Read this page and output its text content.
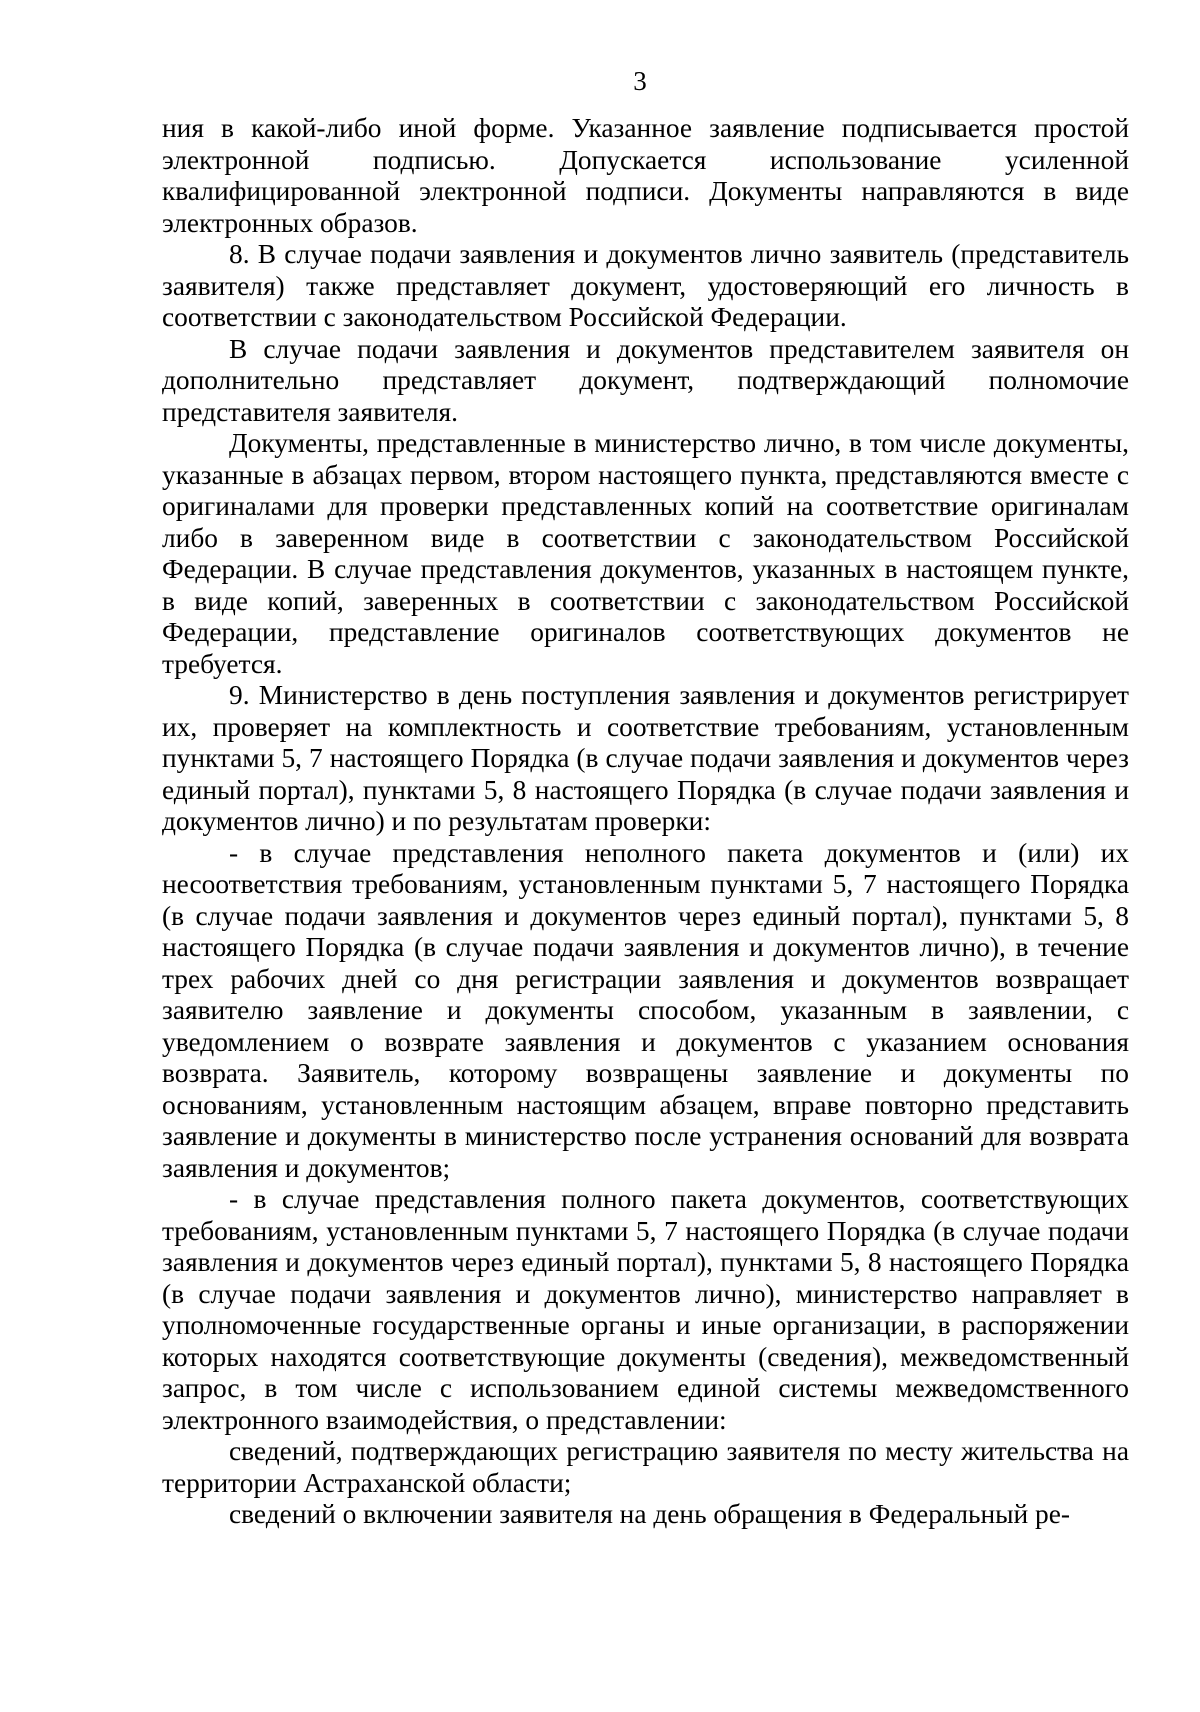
3

ния в какой-либо иной форме. Указанное заявление подписывается простой электронной подписью. Допускается использование усиленной квалифицированной электронной подписи. Документы направляются в виде электронных образов.

8. В случае подачи заявления и документов лично заявитель (представитель заявителя) также представляет документ, удостоверяющий его личность в соответствии с законодательством Российской Федерации.

В случае подачи заявления и документов представителем заявителя он дополнительно представляет документ, подтверждающий полномочие представителя заявителя.

Документы, представленные в министерство лично, в том числе документы, указанные в абзацах первом, втором настоящего пункта, представляются вместе с оригиналами для проверки представленных копий на соответствие оригиналам либо в заверенном виде в соответствии с законодательством Российской Федерации. В случае представления документов, указанных в настоящем пункте, в виде копий, заверенных в соответствии с законодательством Российской Федерации, представление оригиналов соответствующих документов не требуется.

9. Министерство в день поступления заявления и документов регистрирует их, проверяет на комплектность и соответствие требованиям, установленным пунктами 5, 7 настоящего Порядка (в случае подачи заявления и документов через единый портал), пунктами 5, 8 настоящего Порядка (в случае подачи заявления и документов лично) и по результатам проверки:

- в случае представления неполного пакета документов и (или) их несоответствия требованиям, установленным пунктами 5, 7 настоящего Порядка (в случае подачи заявления и документов через единый портал), пунктами 5, 8 настоящего Порядка (в случае подачи заявления и документов лично), в течение трех рабочих дней со дня регистрации заявления и документов возвращает заявителю заявление и документы способом, указанным в заявлении, с уведомлением о возврате заявления и документов с указанием основания возврата. Заявитель, которому возвращены заявление и документы по основаниям, установленным настоящим абзацем, вправе повторно представить заявление и документы в министерство после устранения оснований для возврата заявления и документов;

- в случае представления полного пакета документов, соответствующих требованиям, установленным пунктами 5, 7 настоящего Порядка (в случае подачи заявления и документов через единый портал), пунктами 5, 8 настоящего Порядка (в случае подачи заявления и документов лично), министерство направляет в уполномоченные государственные органы и иные организации, в распоряжении которых находятся соответствующие документы (сведения), межведомственный запрос, в том числе с использованием единой системы межведомственного электронного взаимодействия, о представлении:

сведений, подтверждающих регистрацию заявителя по месту жительства на территории Астраханской области;

сведений о включении заявителя на день обращения в Федеральный ре-
